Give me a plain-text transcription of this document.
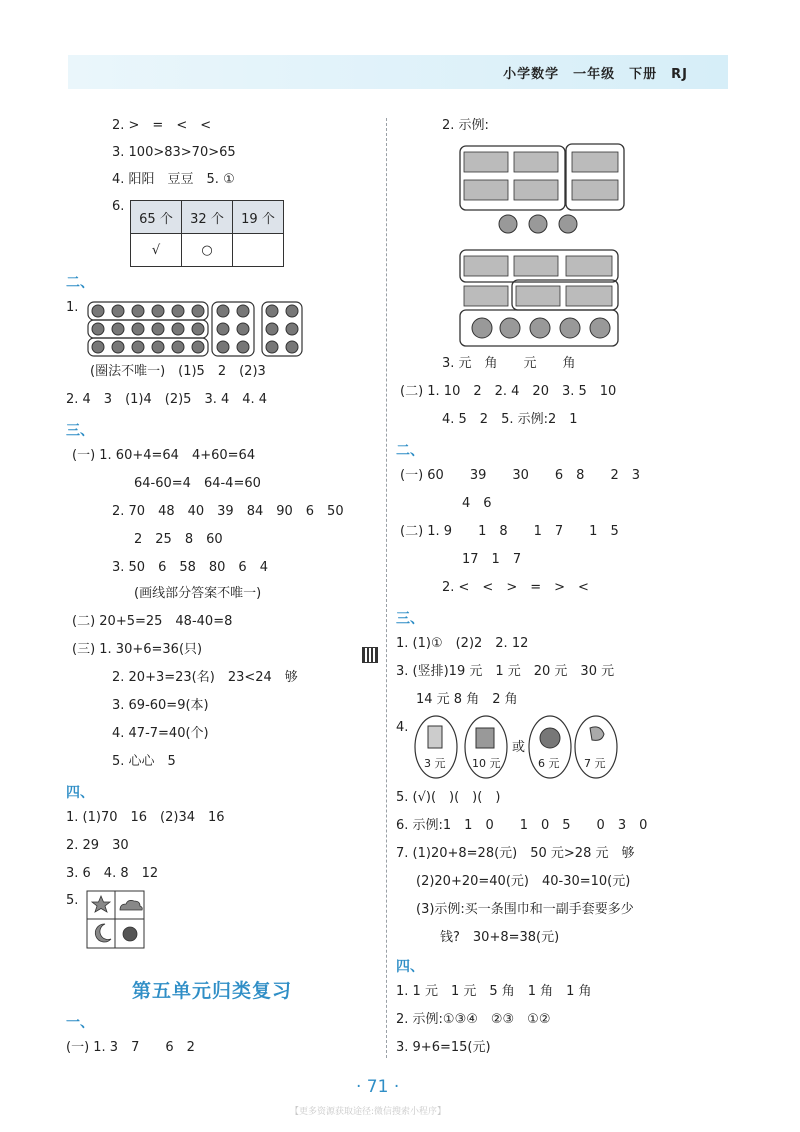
小学数学　一年级　下册　RJ
2. >　=　<　<
3. 100>83>70>65
4. 阳阳　豆豆　5. ①
6.
65 个	32 个	19 个
√	○	
二、
1.
(圈法不唯一)　(1)5　2　(2)3
2. 4　3　(1)4　(2)5　3. 4　4. 4
三、
(一) 1. 60+4=64　4+60=64
64-60=4　64-4=60
2. 70　48　40　39　84　90　6　50
2　25　8　60
3. 50　6　58　80　6　4
(画线部分答案不唯一)
(二) 20+5=25　48-40=8
(三) 1. 30+6=36(只)
2. 20+3=23(名)　23<24　够
3. 69-60=9(本)
4. 47-7=40(个)
5. 心心　5
四、
1. (1)70　16　(2)34　16
2. 29　30
3. 6　4. 8　12
5.
第五单元归类复习
一、
(一) 1. 3　7　　6　2
2. 示例:
3. 元　角　　元　　角
(二) 1. 10　2　2. 4　20　3. 5　10
4. 5　2　5. 示例:2　1
二、
(一) 60　　39　　30　　6　8　　2　3
4　6
(二) 1. 9　　1　8　　1　7　　1　5
17　1　7
2. <　<　>　=　>　<
三、
1. (1)①　(2)2　2. 12
3. (竖排)19 元　1 元　20 元　30 元
14 元 8 角　2 角
4.
或
3 元 10 元	6 元 7 元
5. (√)(　)(　)(　)
6. 示例:1　1　0　　1　0　5　　0　3　0
7. (1)20+8=28(元)　50 元>28 元　够
(2)20+20=40(元)　40-30=10(元)
(3)示例:买一条围巾和一副手套要多少
钱?　30+8=38(元)
四、
1. 1 元　1 元　5 角　1 角　1 角
2. 示例:①③④　②③　①②
3. 9+6=15(元)
· 71 ·
【更多资源获取途径:微信搜索小程序】
